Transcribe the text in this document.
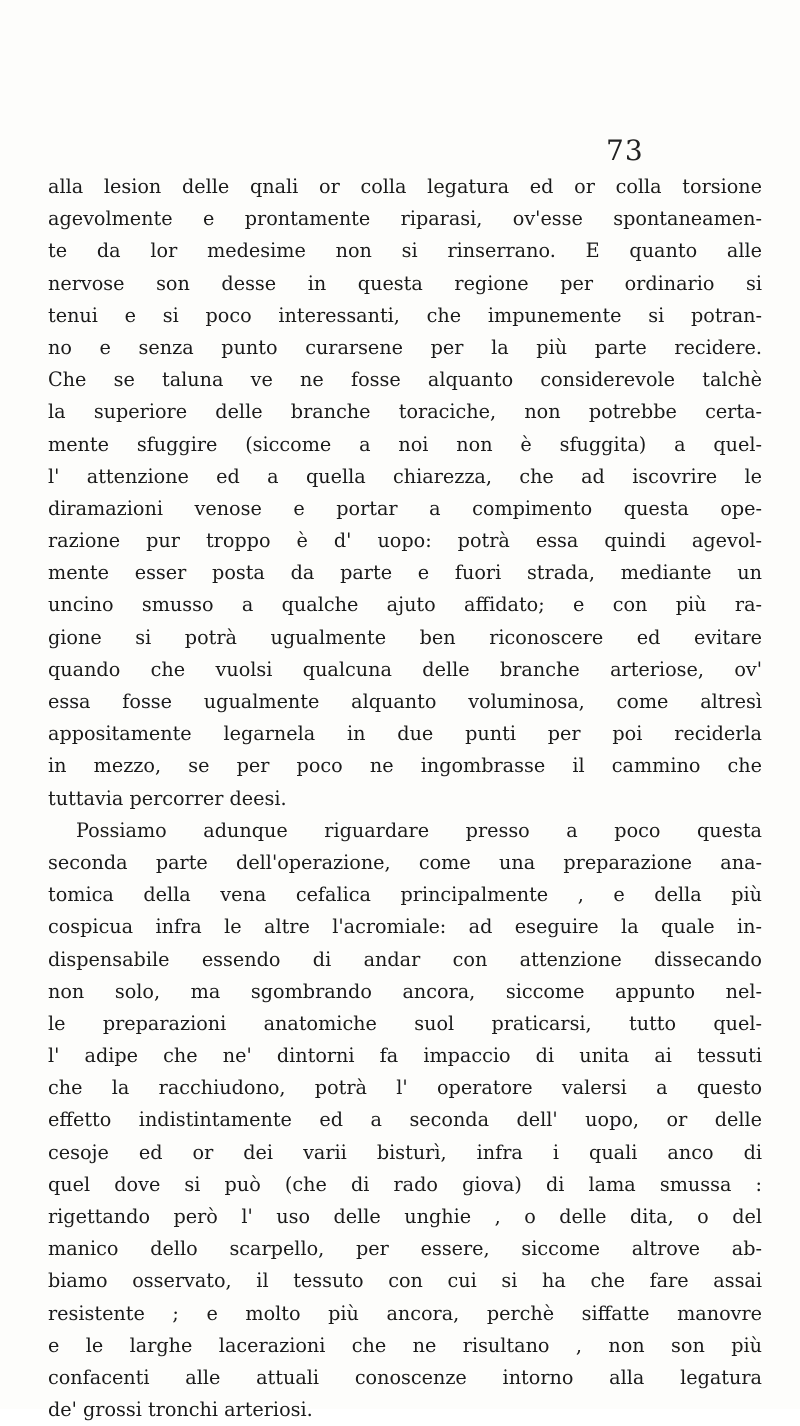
73
alla lesion delle qnali or colla legatura ed or colla torsione
agevolmente e prontamente riparasi, ov'esse spontaneamen-
te da lor medesime non si rinserrano. E quanto alle
nervose son desse in questa regione per ordinario si
tenui e si poco interessanti, che impunemente si potran-
no e senza punto curarsene per la più parte recidere.
Che se taluna ve ne fosse alquanto considerevole talchè
la superiore delle branche toraciche, non potrebbe certa-
mente sfuggire (siccome a noi non è sfuggita) a quel-
l' attenzione ed a quella chiarezza, che ad iscovrire le
diramazioni venose e portar a compimento questa ope-
razione pur troppo è d' uopo: potrà essa quindi agevol-
mente esser posta da parte e fuori strada, mediante un
uncino smusso a qualche ajuto affidato; e con più ra-
gione si potrà ugualmente ben riconoscere ed evitare
quando che vuolsi qualcuna delle branche arteriose, ov'
essa fosse ugualmente alquanto voluminosa, come altresì
appositamente legarnela in due punti per poi reciderla
in mezzo, se per poco ne ingombrasse il cammino che
tuttavia percorrer deesi.
Possiamo adunque riguardare presso a poco questa
seconda parte dell'operazione, come una preparazione ana-
tomica della vena cefalica principalmente , e della più
cospicua infra le altre l'acromiale: ad eseguire la quale in-
dispensabile essendo di andar con attenzione dissecando
non solo, ma sgombrando ancora, siccome appunto nel-
le preparazioni anatomiche suol praticarsi, tutto quel-
l' adipe che ne' dintorni fa impaccio di unita ai tessuti
che la racchiudono, potrà l' operatore valersi a questo
effetto indistintamente ed a seconda dell' uopo, or delle
cesoje ed or dei varii bisturì, infra i quali anco di
quel dove si può (che di rado giova) di lama smussa :
rigettando però l' uso delle unghie , o delle dita, o del
manico dello scarpello, per essere, siccome altrove ab-
biamo osservato, il tessuto con cui si ha che fare assai
resistente ; e molto più ancora, perchè siffatte manovre
e le larghe lacerazioni che ne risultano , non son più
confacenti alle attuali conoscenze intorno alla legatura
de' grossi tronchi arteriosi.
